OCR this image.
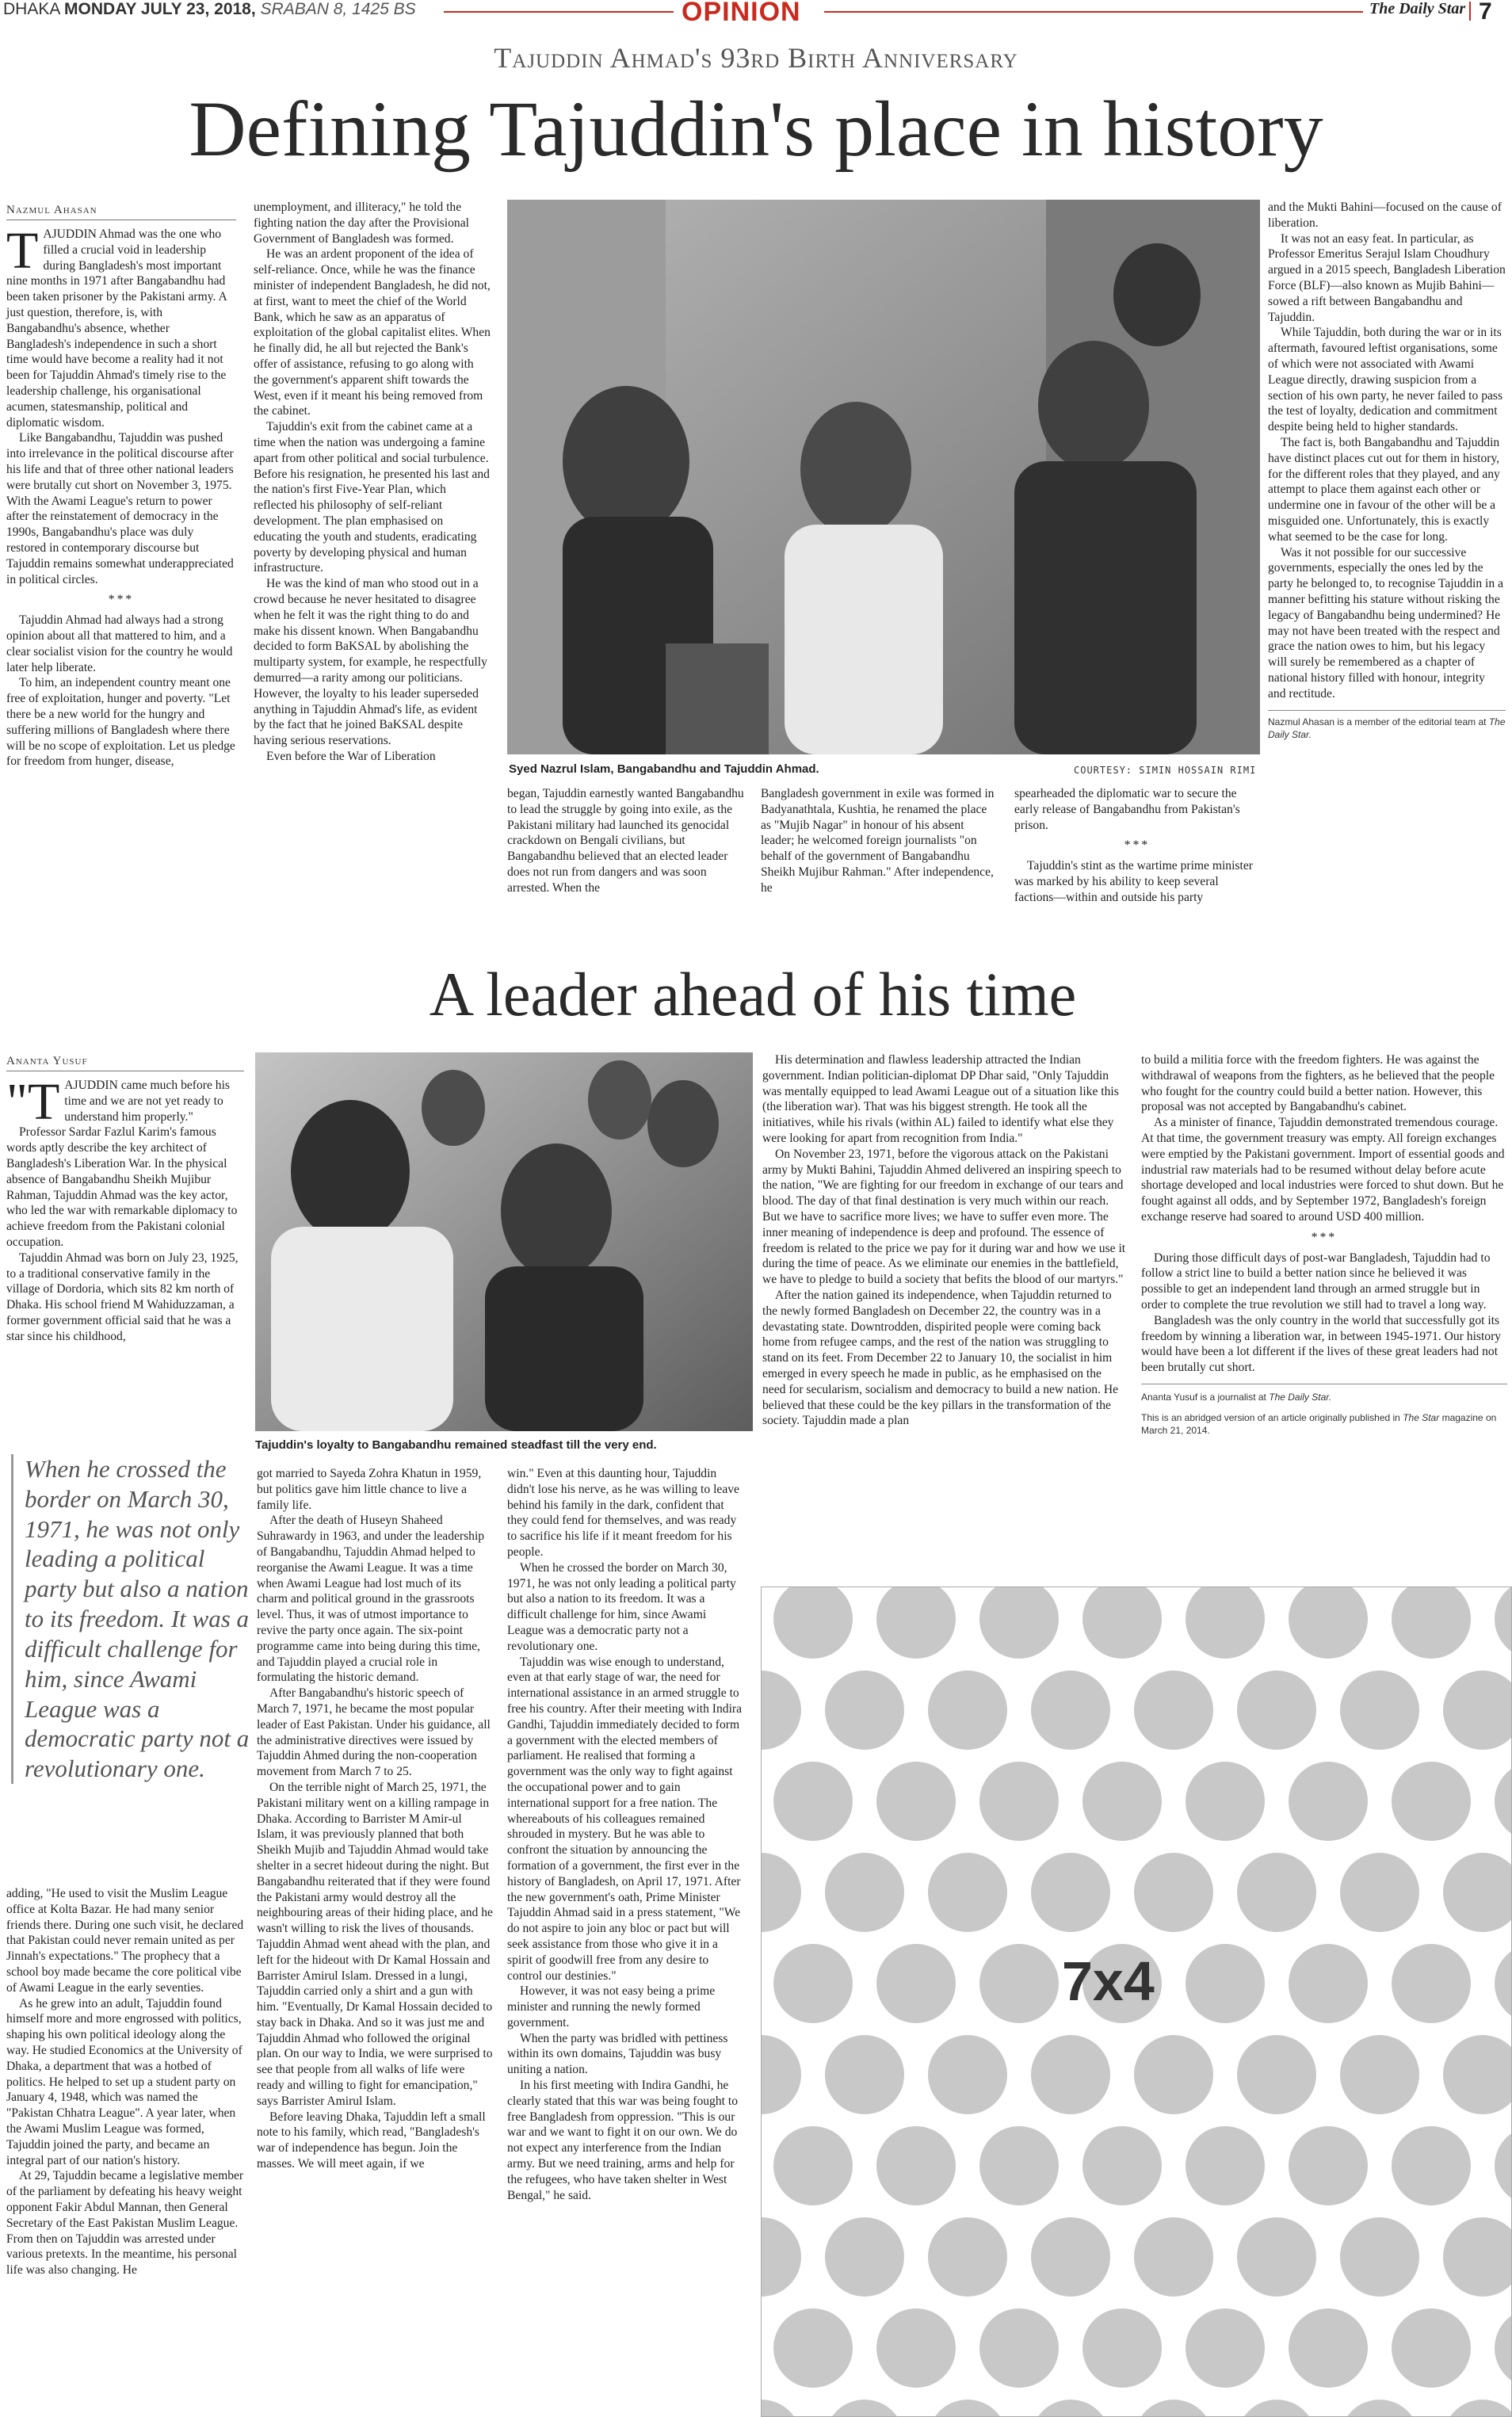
DHAKA MONDAY JULY 23, 2018, SRABAN 8, 1425 BS	OPINION	The Daily Star 7
Tajuddin Ahmad's 93rd Birth Anniversary
Defining Tajuddin's place in history
Nazmul Ahasan

TAJUDDIN Ahmad was the one who filled a crucial void in leadership during Bangladesh's most important nine months in 1971 after Bangabandhu had been taken prisoner by the Pakistani army. A just question, therefore, is, with Bangabandhu's absence, whether Bangladesh's independence in such a short time would have become a reality had it not been for Tajuddin Ahmad's timely rise to the leadership challenge, his organisational acumen, statesmanship, political and diplomatic wisdom.

Like Bangabandhu, Tajuddin was pushed into irrelevance in the political discourse after his life and that of three other national leaders were brutally cut short on November 3, 1975. With the Awami League's return to power after the reinstatement of democracy in the 1990s, Bangabandhu's place was duly restored in contemporary discourse but Tajuddin remains somewhat underappreciated in political circles.

***

Tajuddin Ahmad had always had a strong opinion about all that mattered to him, and a clear socialist vision for the country he would later help liberate.

To him, an independent country meant one free of exploitation, hunger and poverty. "Let there be a new world for the hungry and suffering millions of Bangladesh where there will be no scope of exploitation. Let us pledge for freedom from hunger, disease,

unemployment, and illiteracy," he told the fighting nation the day after the Provisional Government of Bangladesh was formed.

He was an ardent proponent of the idea of self-reliance. Once, while he was the finance minister of independent Bangladesh, he did not, at first, want to meet the chief of the World Bank, which he saw as an apparatus of exploitation of the global capitalist elites. When he finally did, he all but rejected the Bank's offer of assistance, refusing to go along with the government's apparent shift towards the West, even if it meant his being removed from the cabinet.

Tajuddin's exit from the cabinet came at a time when the nation was undergoing a famine apart from other political and social turbulence. Before his resignation, he presented his last and the nation's first Five-Year Plan, which reflected his philosophy of self-reliant development. The plan emphasised on educating the youth and students, eradicating poverty by developing physical and human infrastructure.

He was the kind of man who stood out in a crowd because he never hesitated to disagree when he felt it was the right thing to do and make his dissent known. When Bangabandhu decided to form BaKSAL by abolishing the multiparty system, for example, he respectfully demurred—a rarity among our politicians. However, the loyalty to his leader superseded anything in Tajuddin Ahmad's life, as evident by the fact that he joined BaKSAL despite having serious reservations.

Even before the War of Liberation

Syed Nazrul Islam, Bangabandhu and Tajuddin Ahmad.	COURTESY: SIMIN HOSSAIN RIMI

began, Tajuddin earnestly wanted Bangabandhu to lead the struggle by going into exile, as the Pakistani military had launched its genocidal crackdown on Bengali civilians, but Bangabandhu believed that an elected leader does not run from dangers and was soon arrested. When the

Bangladesh government in exile was formed in Badyanathtala, Kushtia, he renamed the place as "Mujib Nagar" in honour of his absent leader; he welcomed foreign journalists "on behalf of the government of Bangabandhu Sheikh Mujibur Rahman." After independence, he

spearheaded the diplomatic war to secure the early release of Bangabandhu from Pakistan's prison.

***

Tajuddin's stint as the wartime prime minister was marked by his ability to keep several factions—within and outside his party

and the Mukti Bahini—focused on the cause of liberation.

It was not an easy feat. In particular, as Professor Emeritus Serajul Islam Choudhury argued in a 2015 speech, Bangladesh Liberation Force (BLF)—also known as Mujib Bahini—sowed a rift between Bangabandhu and Tajuddin.

While Tajuddin, both during the war or in its aftermath, favoured leftist organisations, some of which were not associated with Awami League directly, drawing suspicion from a section of his own party, he never failed to pass the test of loyalty, dedication and commitment despite being held to higher standards.

The fact is, both Bangabandhu and Tajuddin have distinct places cut out for them in history, for the different roles that they played, and any attempt to place them against each other or undermine one in favour of the other will be a misguided one. Unfortunately, this is exactly what seemed to be the case for long.

Was it not possible for our successive governments, especially the ones led by the party he belonged to, to recognise Tajuddin in a manner befitting his stature without risking the legacy of Bangabandhu being undermined? He may not have been treated with the respect and grace the nation owes to him, but his legacy will surely be remembered as a chapter of national history filled with honour, integrity and rectitude.

Nazmul Ahasan is a member of the editorial team at The Daily Star.
A leader ahead of his time
Ananta Yusuf

"TAJUDDIN came much before his time and we are not yet ready to understand him properly."

Professor Sardar Fazlul Karim's famous words aptly describe the key architect of Bangladesh's Liberation War. In the physical absence of Bangabandhu Sheikh Mujibur Rahman, Tajuddin Ahmad was the key actor, who led the war with remarkable diplomacy to achieve freedom from the Pakistani colonial occupation.

Tajuddin Ahmad was born on July 23, 1925, to a traditional conservative family in the village of Dordoria, which sits 82 km north of Dhaka. His school friend M Wahiduzzaman, a former government official said that he was a star since his childhood,

Tajuddin's loyalty to Bangabandhu remained steadfast till the very end.

When he crossed the border on March 30, 1971, he was not only leading a political party but also a nation to its freedom. It was a difficult challenge for him, since Awami League was a democratic party not a revolutionary one.

adding, "He used to visit the Muslim League office at Kolta Bazar. He had many senior friends there. During one such visit, he declared that Pakistan could never remain united as per Jinnah's expectations." The prophecy that a school boy made became the core political vibe of Awami League in the early seventies.

As he grew into an adult, Tajuddin found himself more and more engrossed with politics, shaping his own political ideology along the way. He studied Economics at the University of Dhaka, a department that was a hotbed of politics. He helped to set up a student party on January 4, 1948, which was named the "Pakistan Chhatra League". A year later, when the Awami Muslim League was formed, Tajuddin joined the party, and became an integral part of our nation's history.

At 29, Tajuddin became a legislative member of the parliament by defeating his heavy weight opponent Fakir Abdul Mannan, then General Secretary of the East Pakistan Muslim League. From then on Tajuddin was arrested under various pretexts. In the meantime, his personal life was also changing. He

got married to Sayeda Zohra Khatun in 1959, but politics gave him little chance to live a family life.

After the death of Huseyn Shaheed Suhrawardy in 1963, and under the leadership of Bangabandhu, Tajuddin Ahmad helped to reorganise the Awami League. It was a time when Awami League had lost much of its charm and political ground in the grassroots level. Thus, it was of utmost importance to revive the party once again. The six-point programme came into being during this time, and Tajuddin played a crucial role in formulating the historic demand.

After Bangabandhu's historic speech of March 7, 1971, he became the most popular leader of East Pakistan. Under his guidance, all the administrative directives were issued by Tajuddin Ahmed during the non-cooperation movement from March 7 to 25.

On the terrible night of March 25, 1971, the Pakistani military went on a killing rampage in Dhaka. According to Barrister M Amir-ul Islam, it was previously planned that both Sheikh Mujib and Tajuddin Ahmad would take shelter in a secret hideout during the night. But Bangabandhu reiterated that if they were found the Pakistani army would destroy all the neighbouring areas of their hiding place, and he wasn't willing to risk the lives of thousands. Tajuddin Ahmad went ahead with the plan, and left for the hideout with Dr Kamal Hossain and Barrister Amirul Islam. Dressed in a lungi, Tajuddin carried only a shirt and a gun with him. "Eventually, Dr Kamal Hossain decided to stay back in Dhaka. And so it was just me and Tajuddin Ahmad who followed the original plan. On our way to India, we were surprised to see that people from all walks of life were ready and willing to fight for emancipation," says Barrister Amirul Islam.

Before leaving Dhaka, Tajuddin left a small note to his family, which read, "Bangladesh's war of independence has begun. Join the masses. We will meet again, if we

win." Even at this daunting hour, Tajuddin didn't lose his nerve, as he was willing to leave behind his family in the dark, confident that they could fend for themselves, and was ready to sacrifice his life if it meant freedom for his people.

When he crossed the border on March 30, 1971, he was not only leading a political party but also a nation to its freedom. It was a difficult challenge for him, since Awami League was a democratic party not a revolutionary one.

Tajuddin was wise enough to understand, even at that early stage of war, the need for international assistance in an armed struggle to free his country. After their meeting with Indira Gandhi, Tajuddin immediately decided to form a government with the elected members of parliament. He realised that forming a government was the only way to fight against the occupational power and to gain international support for a free nation. The whereabouts of his colleagues remained shrouded in mystery. But he was able to confront the situation by announcing the formation of a government, the first ever in the history of Bangladesh, on April 17, 1971. After the new government's oath, Prime Minister Tajuddin Ahmad said in a press statement, "We do not aspire to join any bloc or pact but will seek assistance from those who give it in a spirit of goodwill free from any desire to control our destinies."

However, it was not easy being a prime minister and running the newly formed government.

When the party was bridled with pettiness within its own domains, Tajuddin was busy uniting a nation.

In his first meeting with Indira Gandhi, he clearly stated that this war was being fought to free Bangladesh from oppression. "This is our war and we want to fight it on our own. We do not expect any interference from the Indian army. But we need training, arms and help for the refugees, who have taken shelter in West Bengal," he said.

His determination and flawless leadership attracted the Indian government. Indian politician-diplomat DP Dhar said, "Only Tajuddin was mentally equipped to lead Awami League out of a situation like this (the liberation war). That was his biggest strength. He took all the initiatives, while his rivals (within AL) failed to identify what else they were looking for apart from recognition from India."

On November 23, 1971, before the vigorous attack on the Pakistani army by Mukti Bahini, Tajuddin Ahmed delivered an inspiring speech to the nation, "We are fighting for our freedom in exchange of our tears and blood. The day of that final destination is very much within our reach. But we have to sacrifice more lives; we have to suffer even more. The inner meaning of independence is deep and profound. The essence of freedom is related to the price we pay for it during war and how we use it during the time of peace. As we eliminate our enemies in the battlefield, we have to pledge to build a society that befits the blood of our martyrs."

After the nation gained its independence, when Tajuddin returned to the newly formed Bangladesh on December 22, the country was in a devastating state. Downtrodden, dispirited people were coming back home from refugee camps, and the rest of the nation was struggling to stand on its feet. From December 22 to January 10, the socialist in him emerged in every speech he made in public, as he emphasised on the need for secularism, socialism and democracy to build a new nation. He believed that these could be the key pillars in the transformation of the society. Tajuddin made a plan

to build a militia force with the freedom fighters. He was against the withdrawal of weapons from the fighters, as he believed that the people who fought for the country could build a better nation. However, this proposal was not accepted by Bangabandhu's cabinet.

As a minister of finance, Tajuddin demonstrated tremendous courage. At that time, the government treasury was empty. All foreign exchanges were emptied by the Pakistani government. Import of essential goods and industrial raw materials had to be resumed without delay before acute shortage developed and local industries were forced to shut down. But he fought against all odds, and by September 1972, Bangladesh's foreign exchange reserve had soared to around USD 400 million.

***

During those difficult days of post-war Bangladesh, Tajuddin had to follow a strict line to build a better nation since he believed it was possible to get an independent land through an armed struggle but in order to complete the true revolution we still had to travel a long way.

Bangladesh was the only country in the world that successfully got its freedom by winning a liberation war, in between 1945-1971. Our history would have been a lot different if the lives of these great leaders had not been brutally cut short.

Ananta Yusuf is a journalist at The Daily Star.
This is an abridged version of an article originally published in The Star magazine on March 21, 2014.
7x4
